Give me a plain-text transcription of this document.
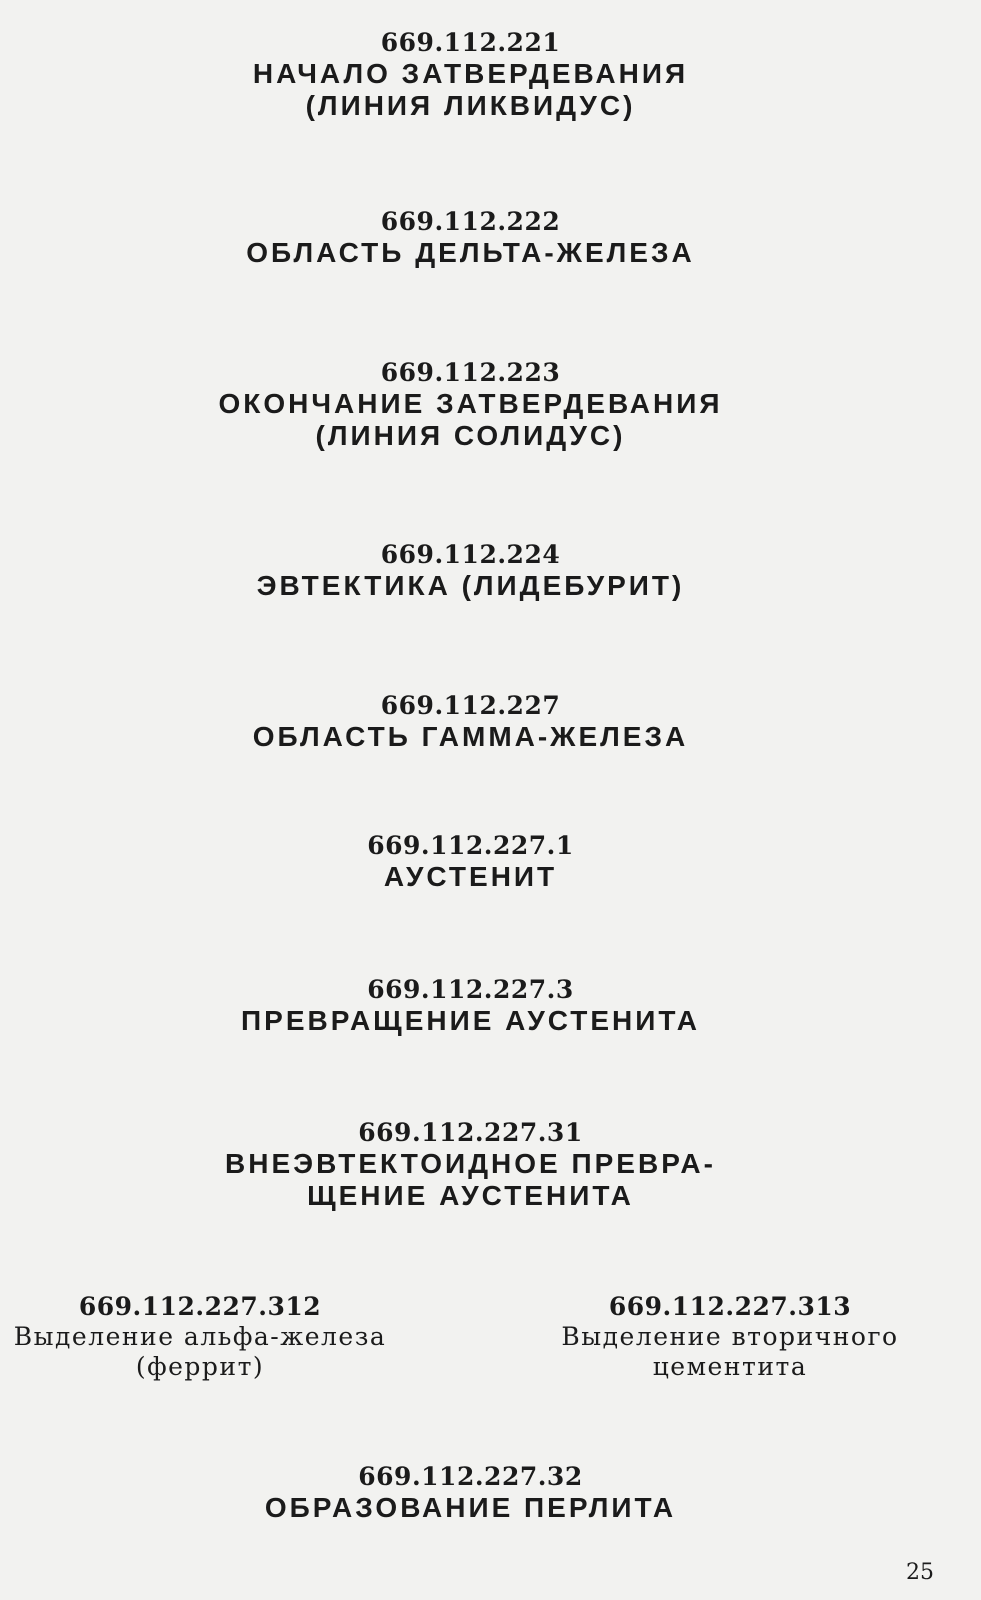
669.112.221
НАЧАЛО ЗАТВЕРДЕВАНИЯ
(ЛИНИЯ ЛИКВИДУС)
669.112.222
ОБЛАСТЬ ДЕЛЬТА-ЖЕЛЕЗА
669.112.223
ОКОНЧАНИЕ ЗАТВЕРДЕВАНИЯ
(ЛИНИЯ СОЛИДУС)
669.112.224
ЭВТЕКТИКА (ЛИДЕБУРИТ)
669.112.227
ОБЛАСТЬ ГАММА-ЖЕЛЕЗА
669.112.227.1
АУСТЕНИТ
669.112.227.3
ПРЕВРАЩЕНИЕ АУСТЕНИТА
669.112.227.31
ВНЕЭВТЕКТОИДНОЕ ПРЕВРА-
ЩЕНИЕ АУСТЕНИТА
669.112.227.312
Выделение альфа-железа
(феррит)
669.112.227.313
Выделение вторичного
цементита
669.112.227.32
ОБРАЗОВАНИЕ ПЕРЛИТА
25
